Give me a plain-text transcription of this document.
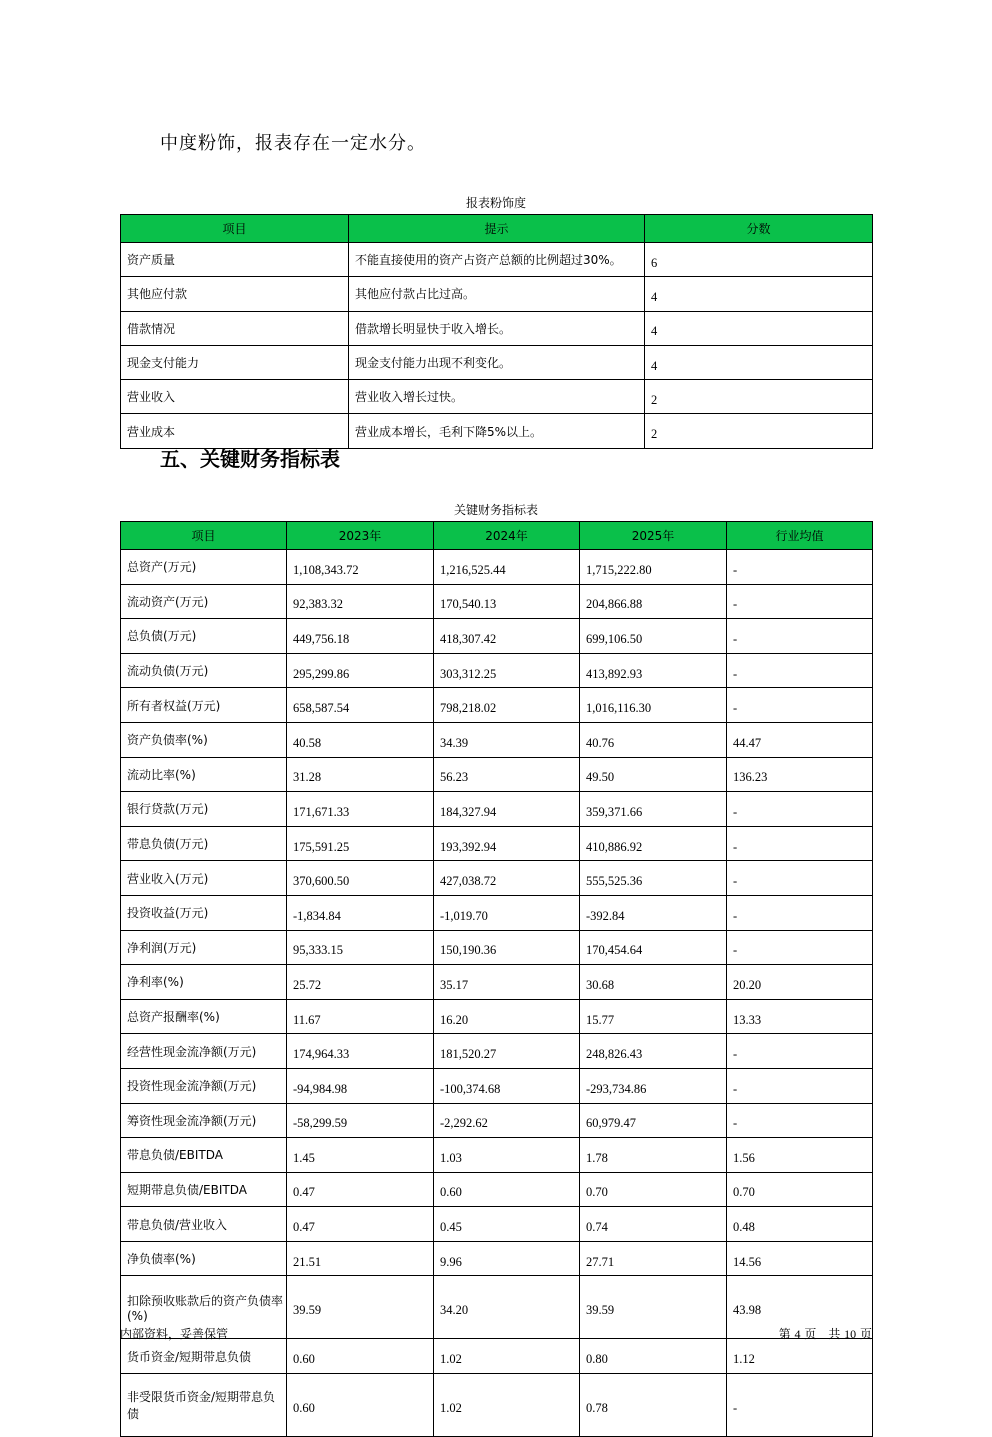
中度粉饰，报表存在一定水分。
报表粉饰度
项目	提示	分数
资产质量	不能直接使用的资产占资产总额的比例超过30%。	6
其他应付款	其他应付款占比过高。	4
借款情况	借款增长明显快于收入增长。	4
现金支付能力	现金支付能力出现不利变化。	4
营业收入	营业收入增长过快。	2
营业成本	营业成本增长，毛利下降5%以上。	2
五、关键财务指标表
关键财务指标表
项目	2023年	2024年	2025年	行业均值
总资产(万元)	1,108,343.72	1,216,525.44	1,715,222.80	-
流动资产(万元)	92,383.32	170,540.13	204,866.88	-
总负债(万元)	449,756.18	418,307.42	699,106.50	-
流动负债(万元)	295,299.86	303,312.25	413,892.93	-
所有者权益(万元)	658,587.54	798,218.02	1,016,116.30	-
资产负债率(%)	40.58	34.39	40.76	44.47
流动比率(%)	31.28	56.23	49.50	136.23
银行贷款(万元)	171,671.33	184,327.94	359,371.66	-
带息负债(万元)	175,591.25	193,392.94	410,886.92	-
营业收入(万元)	370,600.50	427,038.72	555,525.36	-
投资收益(万元)	-1,834.84	-1,019.70	-392.84	-
净利润(万元)	95,333.15	150,190.36	170,454.64	-
净利率(%)	25.72	35.17	30.68	20.20
总资产报酬率(%)	11.67	16.20	15.77	13.33
经营性现金流净额(万元)	174,964.33	181,520.27	248,826.43	-
投资性现金流净额(万元)	-94,984.98	-100,374.68	-293,734.86	-
筹资性现金流净额(万元)	-58,299.59	-2,292.62	60,979.47	-
带息负债/EBITDA	1.45	1.03	1.78	1.56
短期带息负债/EBITDA	0.47	0.60	0.70	0.70
带息负债/营业收入	0.47	0.45	0.74	0.48
净负债率(%)	21.51	9.96	27.71	14.56
扣除预收账款后的资产负债率(%)	39.59	34.20	39.59	43.98
货币资金/短期带息负债	0.60	1.02	0.80	1.12
非受限货币资金/短期带息负债	0.60	1.02	0.78	-
内部资料，妥善保管	第 4 页　共 10 页
